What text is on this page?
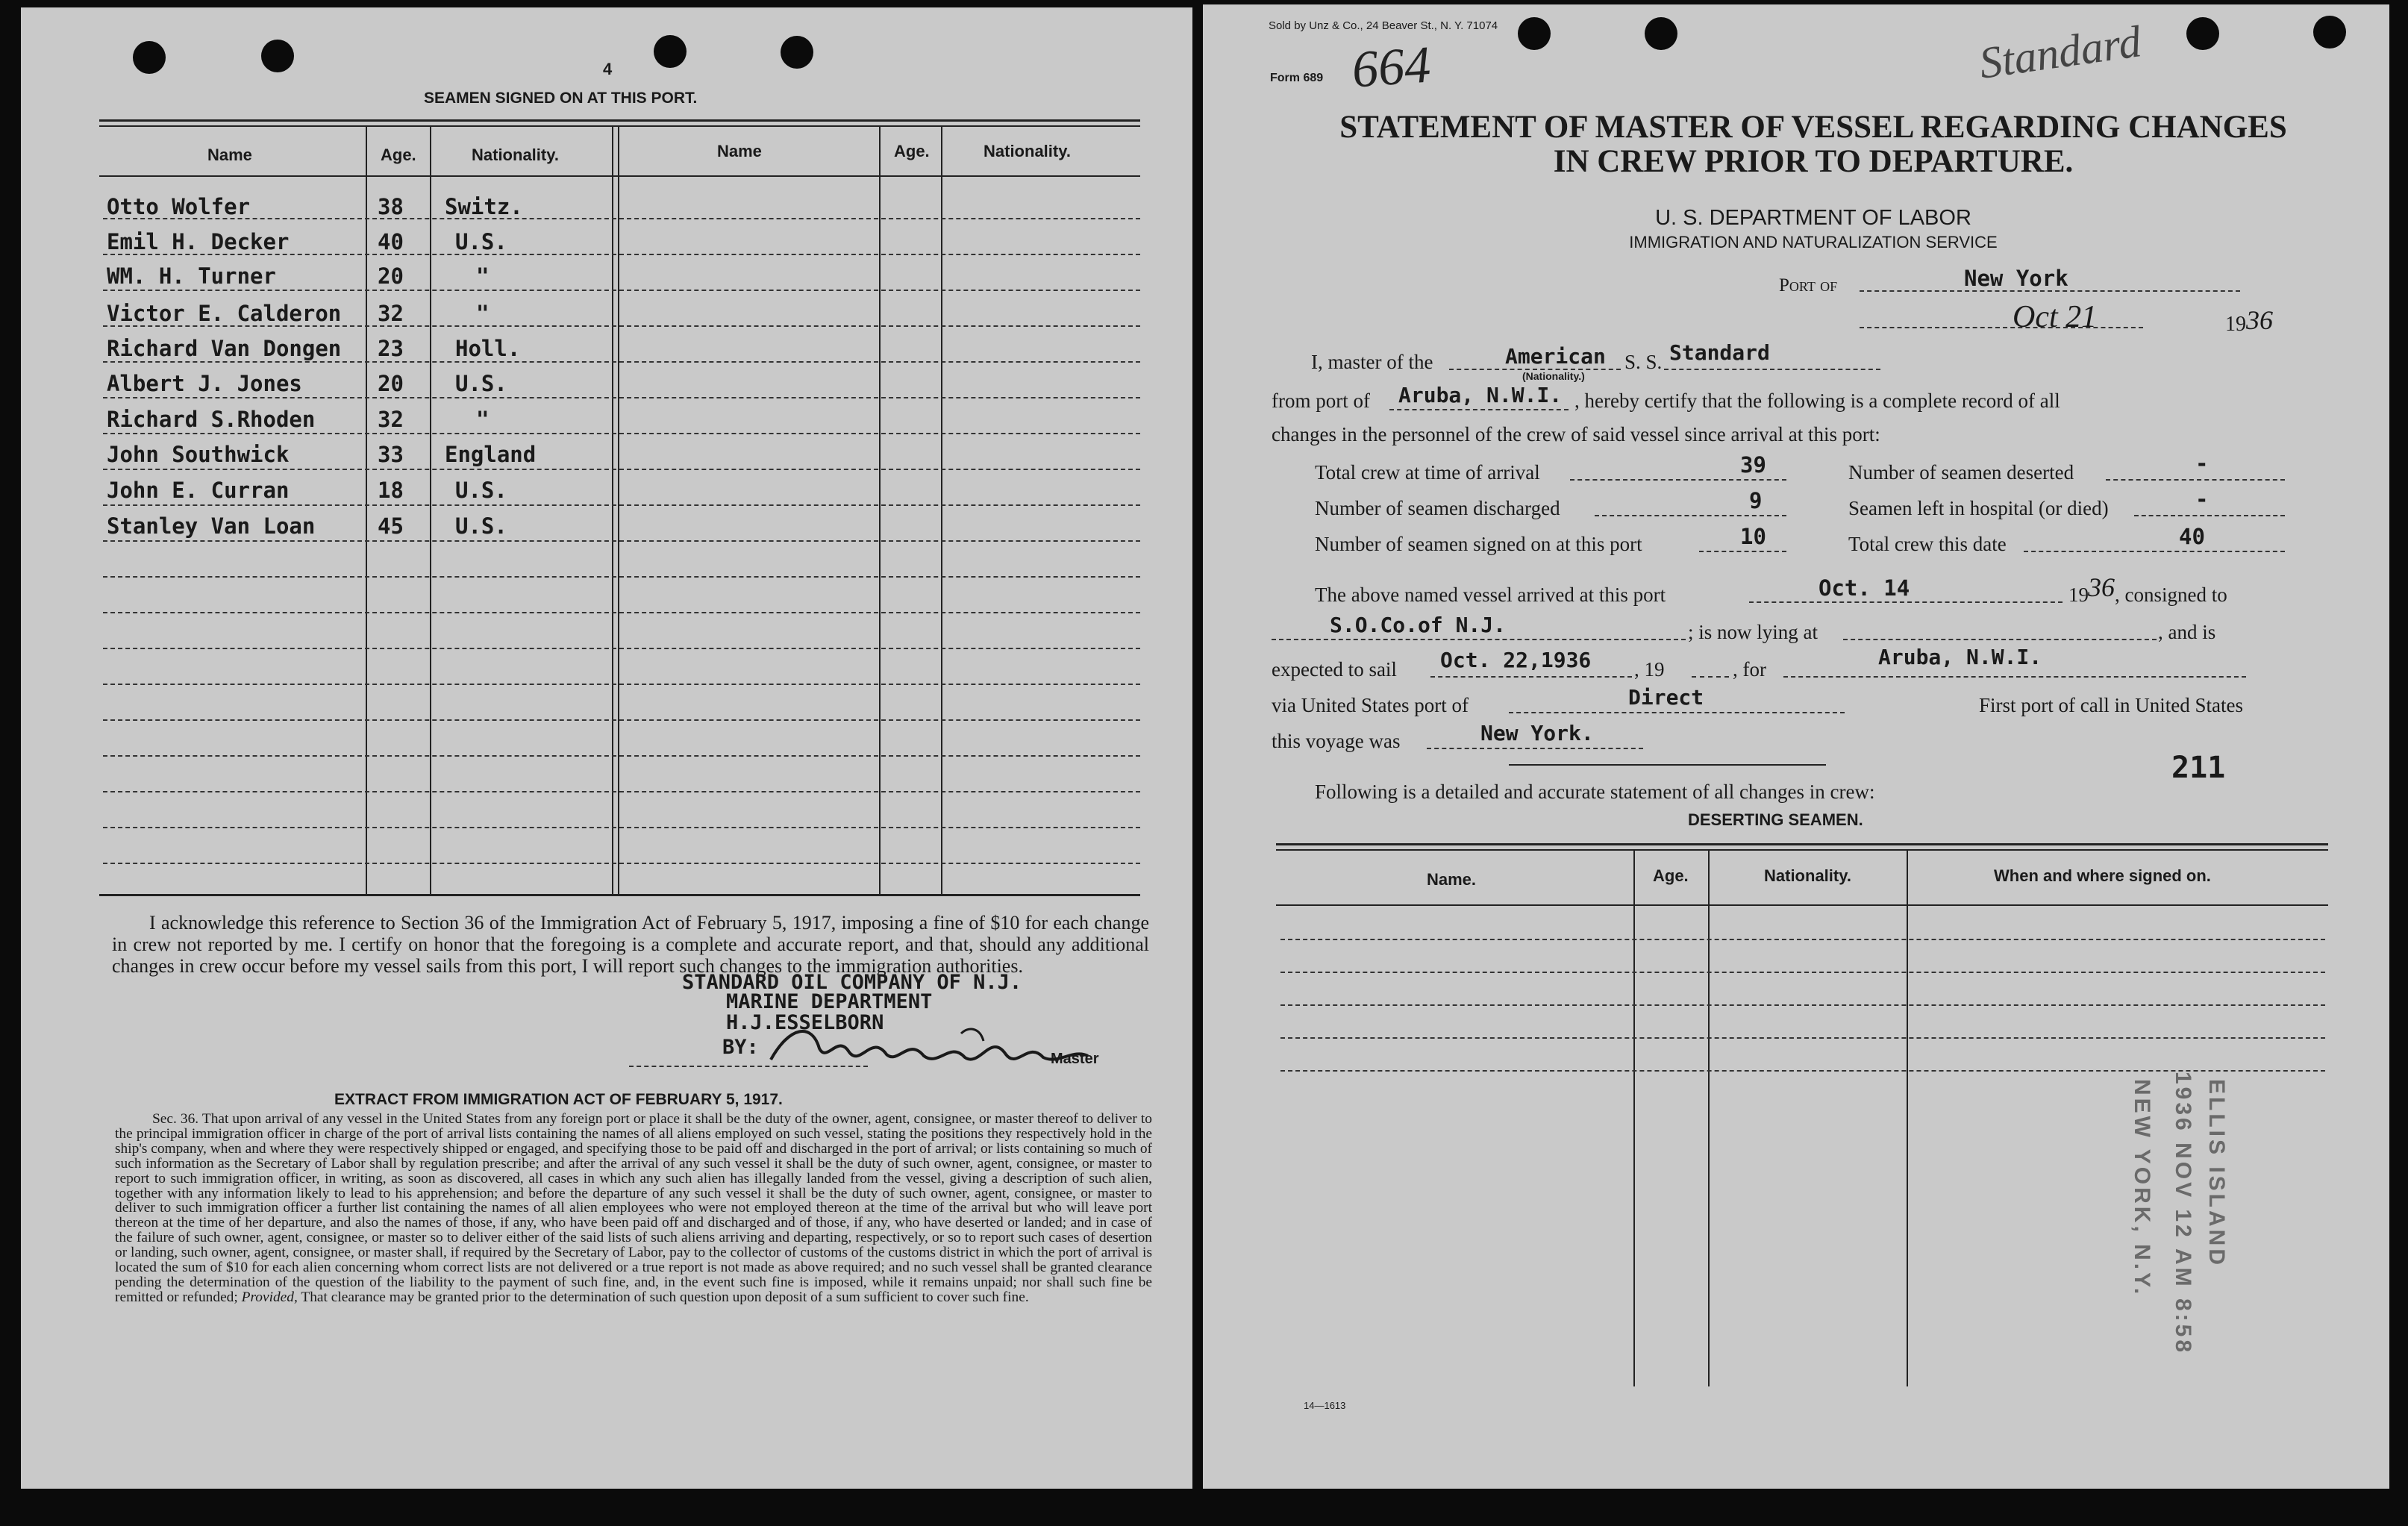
4
SEAMEN SIGNED ON AT THIS PORT.
Name	Age.	Nationality.	Name	Age.	Nationality.
Otto Wolfer	38 Switz.
Emil H. Decker	40 U.S.
WM. H. Turner	20	"
Victor E. Calderon 32	"
Richard Van Dongen 23 Holl.
Albert J. Jones	20 U.S.
Richard S.Rhoden	32	"
John Southwick	33 England
John E. Curran	18 U.S.
Stanley Van Loan	45 U.S.
I acknowledge this reference to Section 36 of the Immigration Act of February 5, 1917, imposing a fine of $10 for each change in crew not reported by me. I certify on honor that the foregoing is a complete and accurate report, and that, should any additional changes in crew occur before my vessel sails from this port, I will report such changes to the immigration authorities.
STANDARD OIL COMPANY OF N.J.
MARINE DEPARTMENT
H.J.ESSELBORN
BY:	Master
EXTRACT FROM IMMIGRATION ACT OF FEBRUARY 5, 1917.
Sec. 36. That upon arrival of any vessel in the United States from any foreign port or place it shall be the duty of the owner, agent, consignee, or master thereof to deliver to the principal immigration officer in charge of the port of arrival lists containing the names of all aliens employed on such vessel, stating the positions they respectively hold in the ship's company, when and where they were respectively shipped or engaged, and specifying those to be paid off and discharged in the port of arrival; or lists containing so much of such information as the Secretary of Labor shall by regulation prescribe; and after the arrival of any such vessel it shall be the duty of such owner, agent, consignee, or master to report to such immigration officer, in writing, as soon as discovered, all cases in which any such alien has illegally landed from the vessel, giving a description of such alien, together with any information likely to lead to his apprehension; and before the departure of any such vessel it shall be the duty of such owner, agent, consignee, or master to deliver to such immigration officer a further list containing the names of all alien employees who were not employed thereon at the time of the arrival but who will leave port thereon at the time of her departure, and also the names of those, if any, who have been paid off and discharged and of those, if any, who have deserted or landed; and in case of the failure of such owner, agent, consignee, or master so to deliver either of the said lists of such aliens arriving and departing, respectively, or so to report such cases of desertion or landing, such owner, agent, consignee, or master shall, if required by the Secretary of Labor, pay to the collector of customs of the customs district in which the port of arrival is located the sum of $10 for each alien concerning whom correct lists are not delivered or a true report is not made as above required; and no such vessel shall be granted clearance pending the determination of the question of the liability to the payment of such fine, and, in the event such fine is imposed, while it remains unpaid; nor shall such fine be remitted or refunded; Provided, That clearance may be granted prior to the determination of such question upon deposit of a sum sufficient to cover such fine.
Sold by Unz & Co., 24 Beaver St., N. Y. 71074
Form 689 664	Standard
STATEMENT OF MASTER OF VESSEL REGARDING CHANGES
IN CREW PRIOR TO DEPARTURE.
U. S. DEPARTMENT OF LABOR
IMMIGRATION AND NATURALIZATION SERVICE
Port of	New York
Oct 21	19 36
I, master of the	American
(Nationality.)
S. S. Standard
from port of Aruba, N.W.I. , hereby certify that the following is a complete record of all
changes in the personnel of the crew of said vessel since arrival at this port:
Total crew at time of arrival	39	Number of seamen deserted	-
Number of seamen discharged	9	Seamen left in hospital (or died)	-
Number of seamen signed on at this port	10	Total crew this date	40
The above named vessel arrived at this port	Oct. 14	19 36 , consigned to
S.O.Co.of N.J.	; is now lying at	, and is
expected to sail Oct. 22,1936 , 19	, for	Aruba, N.W.I.
via United States port of	Direct	First port of call in United States
this voyage was	New York.
211
Following is a detailed and accurate statement of all changes in crew:
DESERTING SEAMEN.
Name.	Age.	Nationality.	When and where signed on.
ELLIS ISLAND
1936 NOV 12 AM 8:58
NEW YORK, N.Y.
14—1613
